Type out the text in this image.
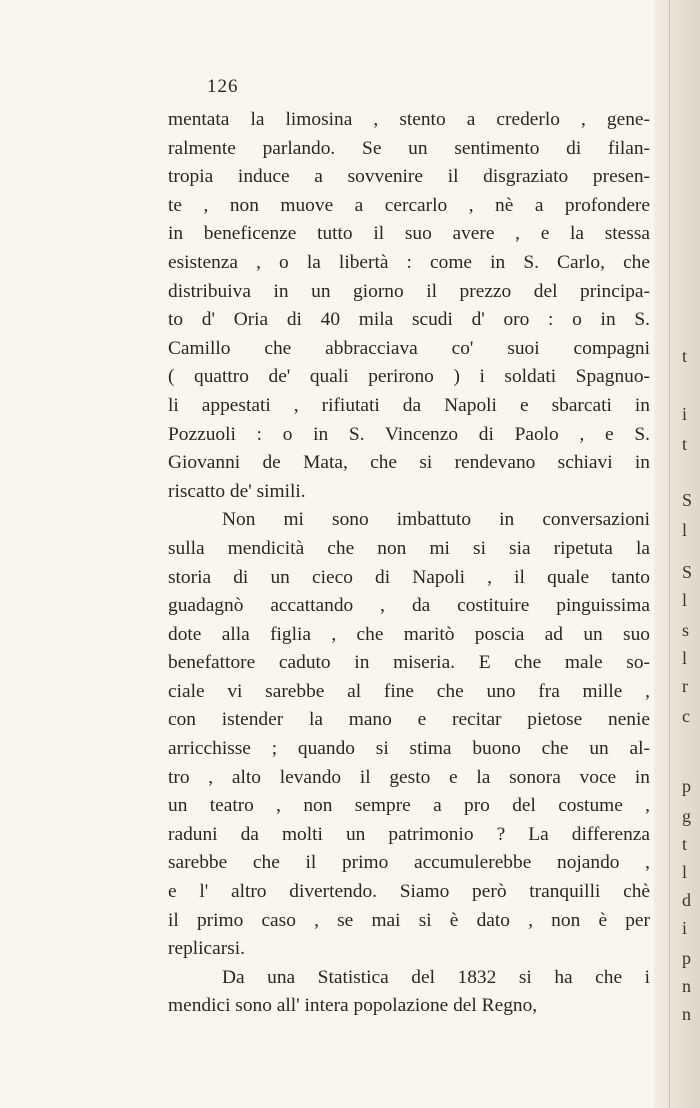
126
mentata la limosina , stento a crederlo , gene-
ralmente parlando. Se un sentimento di filan-
tropia induce a sovvenire il disgraziato presen-
te , non muove a cercarlo , nè a profondere
in beneficenze tutto il suo avere , e la stessa
esistenza , o la libertà : come in S. Carlo, che
distribuiva in un giorno il prezzo del principa-
to d' Oria di 40 mila scudi d' oro : o in S.
Camillo che abbracciava co' suoi compagni
( quattro de' quali perirono ) i soldati Spagnuo-
li appestati , rifiutati da Napoli e sbarcati in
Pozzuoli : o in S. Vincenzo di Paolo , e S.
Giovanni de Mata, che si rendevano schiavi in
riscatto de' simili.
Non mi sono imbattuto in conversazioni
sulla mendicità che non mi si sia ripetuta la
storia di un cieco di Napoli , il quale tanto
guadagnò accattando , da costituire pinguissima
dote alla figlia , che maritò poscia ad un suo
benefattore caduto in miseria. E che male so-
ciale vi sarebbe al fine che uno fra mille ,
con istender la mano e recitar pietose nenie
arricchisse ; quando si stima buono che un al-
tro , alto levando il gesto e la sonora voce in
un teatro , non sempre a pro del costume ,
raduni da molti un patrimonio ? La differenza
sarebbe che il primo accumulerebbe nojando ,
e l' altro divertendo. Siamo però tranquilli chè
il primo caso , se mai si è dato , non è per
replicarsi.
Da una Statistica del 1832 si ha che i
mendici sono all' intera popolazione del Regno,
S
l
s
l
r
c
p
g
t
l
d
i
p
n
n
S
l
t
i
t
